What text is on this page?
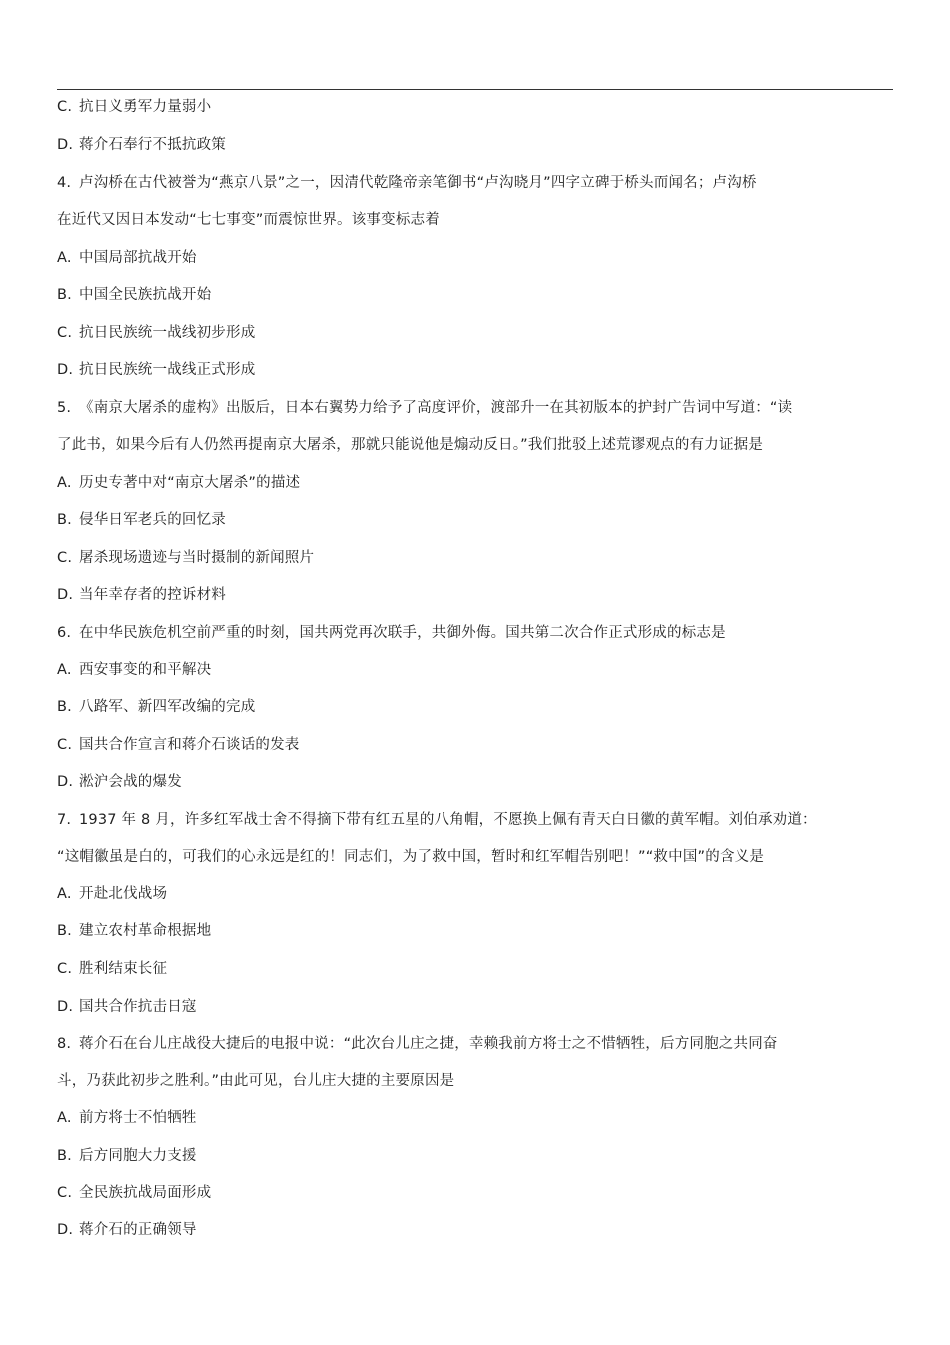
C. 抗日义勇军力量弱小
D. 蒋介石奉行不抵抗政策
4. 卢沟桥在古代被誉为“燕京八景”之一，因清代乾隆帝亲笔御书“卢沟晓月”四字立碑于桥头而闻名；卢沟桥
在近代又因日本发动“七七事变”而震惊世界。该事变标志着
A. 中国局部抗战开始
B. 中国全民族抗战开始
C. 抗日民族统一战线初步形成
D. 抗日民族统一战线正式形成
5. 《南京大屠杀的虚构》出版后，日本右翼势力给予了高度评价，渡部升一在其初版本的护封广告词中写道：“读
了此书，如果今后有人仍然再提南京大屠杀，那就只能说他是煽动反日。”我们批驳上述荒谬观点的有力证据是
A. 历史专著中对“南京大屠杀”的描述
B. 侵华日军老兵的回忆录
C. 屠杀现场遗迹与当时摄制的新闻照片
D. 当年幸存者的控诉材料
6. 在中华民族危机空前严重的时刻，国共两党再次联手，共御外侮。国共第二次合作正式形成的标志是
A. 西安事变的和平解决
B. 八路军、新四军改编的完成
C. 国共合作宣言和蒋介石谈话的发表
D. 淞沪会战的爆发
7. 1937 年 8 月，许多红军战士舍不得摘下带有红五星的八角帽，不愿换上佩有青天白日徽的黄军帽。刘伯承劝道：
“这帽徽虽是白的，可我们的心永远是红的！同志们，为了救中国，暂时和红军帽告别吧！”“救中国”的含义是
A. 开赴北伐战场
B. 建立农村革命根据地
C. 胜利结束长征
D. 国共合作抗击日寇
8. 蒋介石在台儿庄战役大捷后的电报中说：“此次台儿庄之捷，幸赖我前方将士之不惜牺牲，后方同胞之共同奋
斗，乃获此初步之胜利。”由此可见，台儿庄大捷的主要原因是
A. 前方将士不怕牺牲
B. 后方同胞大力支援
C. 全民族抗战局面形成
D. 蒋介石的正确领导
